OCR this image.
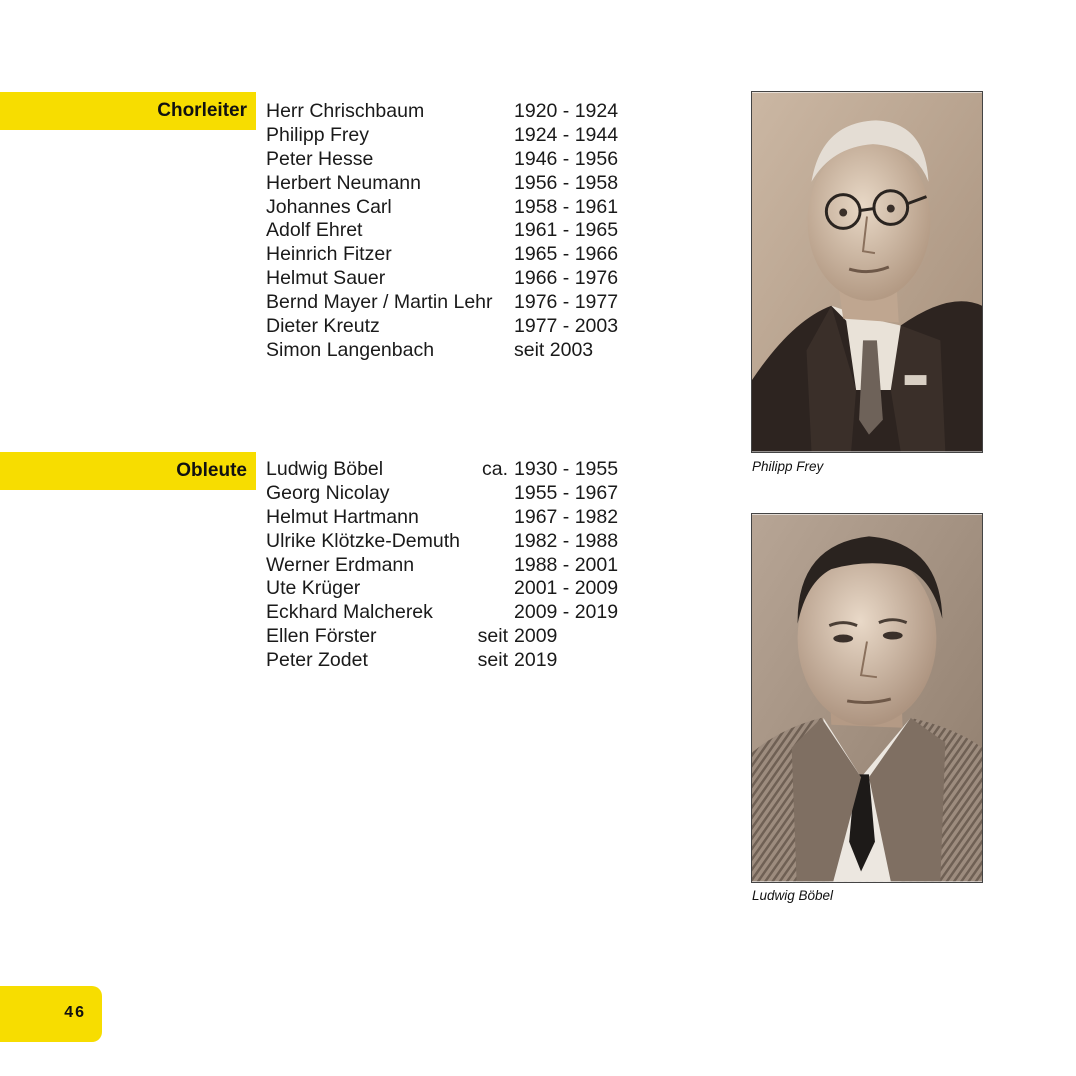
Chorleiter
Obleute
Herr Chrischbaum	1920 - 1924
Philipp Frey	1924 - 1944
Peter Hesse	1946 - 1956
Herbert Neumann	1956 - 1958
Johannes Carl	1958 - 1961
Adolf Ehret	1961 - 1965
Heinrich Fitzer	1965 - 1966
Helmut Sauer	1966 - 1976
Bernd Mayer / Martin Lehr 1976 - 1977
Dieter Kreutz	1977 - 2003
Simon Langenbach	seit 2003
Ludwig Böbel	ca. 1930 - 1955
Georg Nicolay	1955 - 1967
Helmut Hartmann	1967 - 1982
Ulrike Klötzke-Demuth	1982 - 1988
Werner Erdmann	1988 - 2001
Ute Krüger	2001 - 2009
Eckhard Malcherek	2009 - 2019
Ellen Förster	seit 2009
Peter Zodet	seit 2019
Philipp Frey
Ludwig Böbel
46
